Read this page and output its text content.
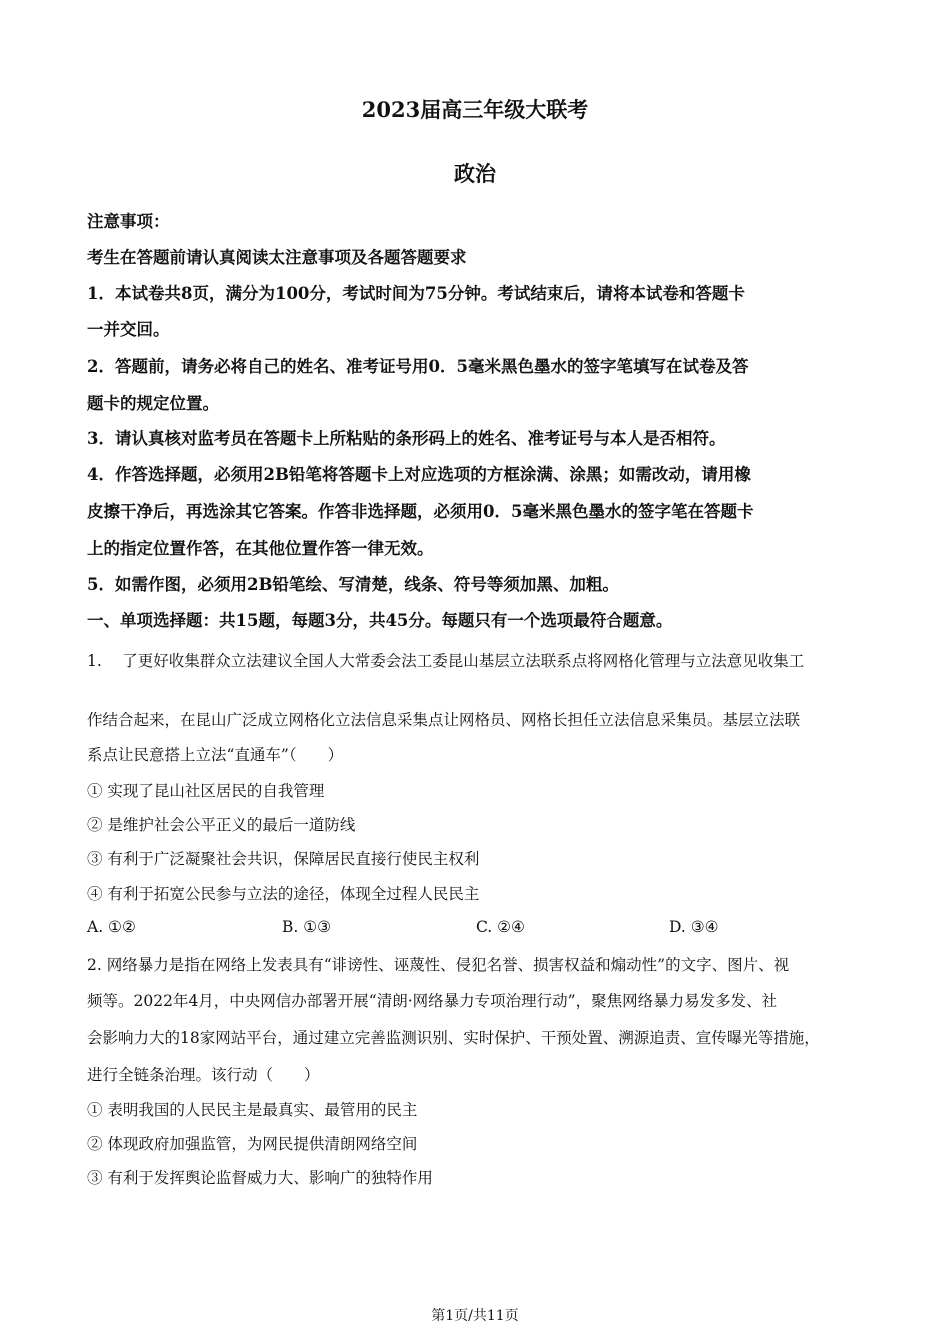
2023届高三年级大联考
政治
注意事项：
考生在答题前请认真阅读太注意事项及各题答题要求
1．本试卷共8页，满分为100分，考试时间为75分钟。考试结束后，请将本试卷和答题卡
一并交回。
2．答题前，请务必将自己的姓名、准考证号用0．5毫米黑色墨水的签字笔填写在试卷及答
题卡的规定位置。
3．请认真核对监考员在答题卡上所粘贴的条形码上的姓名、准考证号与本人是否相符。
4．作答选择题，必须用2B铅笔将答题卡上对应选项的方框涂满、涂黑；如需改动，请用橡
皮擦干净后，再选涂其它答案。作答非选择题，必须用0．5毫米黑色墨水的签字笔在答题卡
上的指定位置作答，在其他位置作答一律无效。
5．如需作图，必须用2B铅笔绘、写清楚，线条、符号等须加黑、加粗。
一、单项选择题：共15题，每题3分，共45分。每题只有一个选项最符合题意。
1.　 了更好收集群众立法建议全国人大常委会法工委昆山基层立法联系点将网格化管理与立法意见收集工
作结合起来，在昆山广泛成立网格化立法信息采集点让网格员、网格长担任立法信息采集员。基层立法联
系点让民意搭上立法“直通车”（　　）
① 实现了昆山社区居民的自我管理
② 是维护社会公平正义的最后一道防线
③ 有利于广泛凝聚社会共识，保障居民直接行使民主权利
④ 有利于拓宽公民参与立法的途径，体现全过程人民民主
A. ①②	B. ①③	C. ②④	D. ③④
2. 网络暴力是指在网络上发表具有“诽谤性、诬蔑性、侵犯名誉、损害权益和煽动性”的文字、图片、视
频等。2022年4月，中央网信办部署开展“清朗·网络暴力专项治理行动”，聚焦网络暴力易发多发、社
会影响力大的18家网站平台，通过建立完善监测识别、实时保护、干预处置、溯源追责、宣传曝光等措施，
进行全链条治理。该行动（　　）
① 表明我国的人民民主是最真实、最管用的民主
② 体现政府加强监管，为网民提供清朗网络空间
③ 有利于发挥舆论监督威力大、影响广的独特作用
第1页/共11页
